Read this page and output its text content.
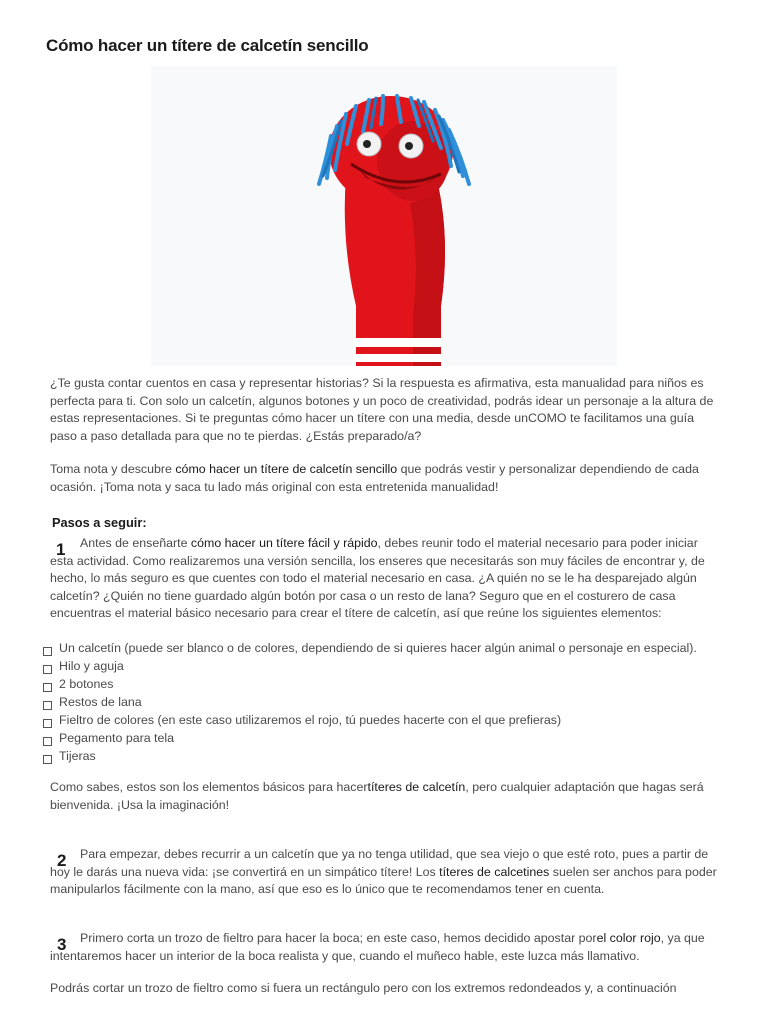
Cómo hacer un títere de calcetín sencillo

¿Te gusta contar cuentos en casa y representar historias? Si la respuesta es afirmativa, esta manualidad para niños es perfecta para ti. Con solo un calcetín, algunos botones y un poco de creatividad, podrás idear un personaje a la altura de estas representaciones. Si te preguntas cómo hacer un títere con una media, desde unCOMO te facilitamos una guía paso a paso detallada para que no te pierdas. ¿Estás preparado/a?

Toma nota y descubre cómo hacer un títere de calcetín sencillo que podrás vestir y personalizar dependiendo de cada ocasión. ¡Toma nota y saca tu lado más original con esta entretenida manualidad!

Pasos a seguir:
1	Antes de enseñarte cómo hacer un títere fácil y rápido, debes reunir todo el material necesario para poder iniciar esta actividad. Como realizaremos una versión sencilla, los enseres que necesitarás son muy fáciles de encontrar y, de hecho, lo más seguro es que cuentes con todo el material necesario en casa. ¿A quién no se le ha desparejado algún calcetín? ¿Quién no tiene guardado algún botón por casa o un resto de lana? Seguro que en el costurero de casa encuentras el material básico necesario para crear el títere de calcetín, así que reúne los siguientes elementos:

Un calcetín (puede ser blanco o de colores, dependiendo de si quieres hacer algún animal o personaje en especial).
Hilo y aguja
2 botones
Restos de lana
Fieltro de colores (en este caso utilizaremos el rojo, tú puedes hacerte con el que prefieras)
Pegamento para tela
Tijeras

Como sabes, estos son los elementos básicos para hacertíteres de calcetín, pero cualquier adaptación que hagas será bienvenida. ¡Usa la imaginación!

2	Para empezar, debes recurrir a un calcetín que ya no tenga utilidad, que sea viejo o que esté roto, pues a partir de hoy le darás una nueva vida: ¡se convertirá en un simpático títere! Los títeres de calcetines suelen ser anchos para poder manipularlos fácilmente con la mano, así que eso es lo único que te recomendamos tener en cuenta.

3	Primero corta un trozo de fieltro para hacer la boca; en este caso, hemos decidido apostar porel color rojo, ya que intentaremos hacer un interior de la boca realista y que, cuando el muñeco hable, este luzca más llamativo.

Podrás cortar un trozo de fieltro como si fuera un rectángulo pero con los extremos redondeados y, a continuación
